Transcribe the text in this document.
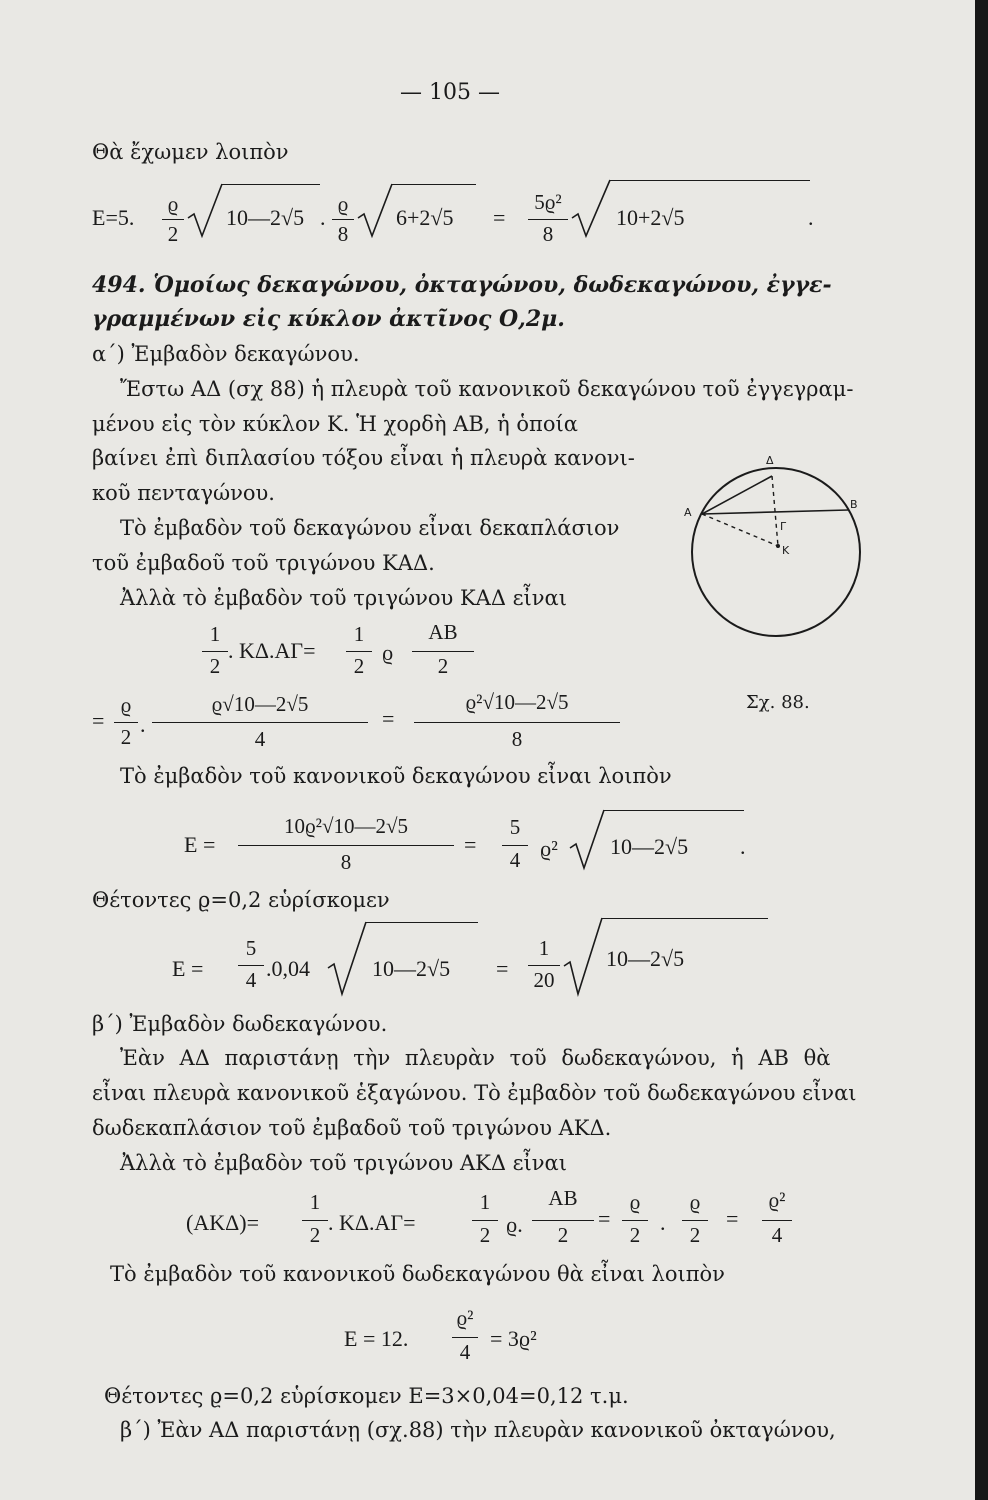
— 105 —
Θὰ ἔχωμεν λοιπὸν
E=5.
ϱ
2
10—2√5 .
ϱ
8
6+2√5 =
5ϱ²
8
10+2√5	.
494. Ὁμοίως δεκαγώνου, ὀκταγώνου, δωδεκαγώνου, ἐγγε-
γραμμένων εἰς κύκλον ἀκτῖνος Ο,2μ.
α΄) Ἐμβαδὸν δεκαγώνου.
Ἔστω ΑΔ (σχ 88) ἡ πλευρὰ τοῦ κανονικοῦ δεκαγώνου τοῦ ἐγγεγραμ-
μένου εἰς τὸν κύκλον Κ. Ἡ χορδὴ ΑΒ, ἡ ὁποία
βαίνει ἐπὶ διπλασίου τόξου εἶναι ἡ πλευρὰ κανονι-
κοῦ πενταγώνου.
Τὸ ἐμβαδὸν τοῦ δεκαγώνου εἶναι δεκαπλάσιον
τοῦ ἐμβαδοῦ τοῦ τριγώνου ΚΑΔ.
Ἀλλὰ τὸ ἐμβαδὸν τοῦ τριγώνου ΚΑΔ εἶναι
1
2
. ΚΔ.ΑΓ=
1
2
ϱ
ΑΒ
2
=
ϱ
2 .
ϱ√10—2√5
4
=
ϱ²√10—2√5
8
Σχ. 88.
Τὸ ἐμβαδὸν τοῦ κανονικοῦ δεκαγώνου εἶναι λοιπὸν
E =
10ϱ²√10—2√5
8
=
5
4 ϱ² 10—2√5 .
Θέτοντες ϱ=0,2 εὑρίσκομεν
E =
5
4 .0,04	10—2√5 =
1
20
10—2√5
β΄) Ἐμβαδὸν δωδεκαγώνου.
Ἐὰν ΑΔ παριστάνῃ τὴν πλευρὰν τοῦ δωδεκαγώνου, ἡ ΑΒ θὰ
εἶναι πλευρὰ κανονικοῦ ἑξαγώνου. Τὸ ἐμβαδὸν τοῦ δωδεκαγώνου εἶναι
δωδεκαπλάσιον τοῦ ἐμβαδοῦ τοῦ τριγώνου ΑΚΔ.
Ἀλλὰ τὸ ἐμβαδὸν τοῦ τριγώνου ΑΚΔ εἶναι
(ΑΚΔ)=
1
2 . ΚΔ.ΑΓ=
1
2 ϱ.
ΑΒ
2
=
ϱ
2 .
ϱ
2
=
ϱ²
4
Τὸ ἐμβαδὸν τοῦ κανονικοῦ δωδεκαγώνου θὰ εἶναι λοιπὸν
E = 12.
ϱ²
4
= 3ϱ²
Θέτοντες ϱ=0,2 εὑρίσκομεν E=3×0,04=0,12 τ.μ.
β΄) Ἐὰν ΑΔ παριστάνῃ (σχ.88) τὴν πλευρὰν κανονικοῦ ὀκταγώνου,
Δ
Α
Β
Γ
Κ
